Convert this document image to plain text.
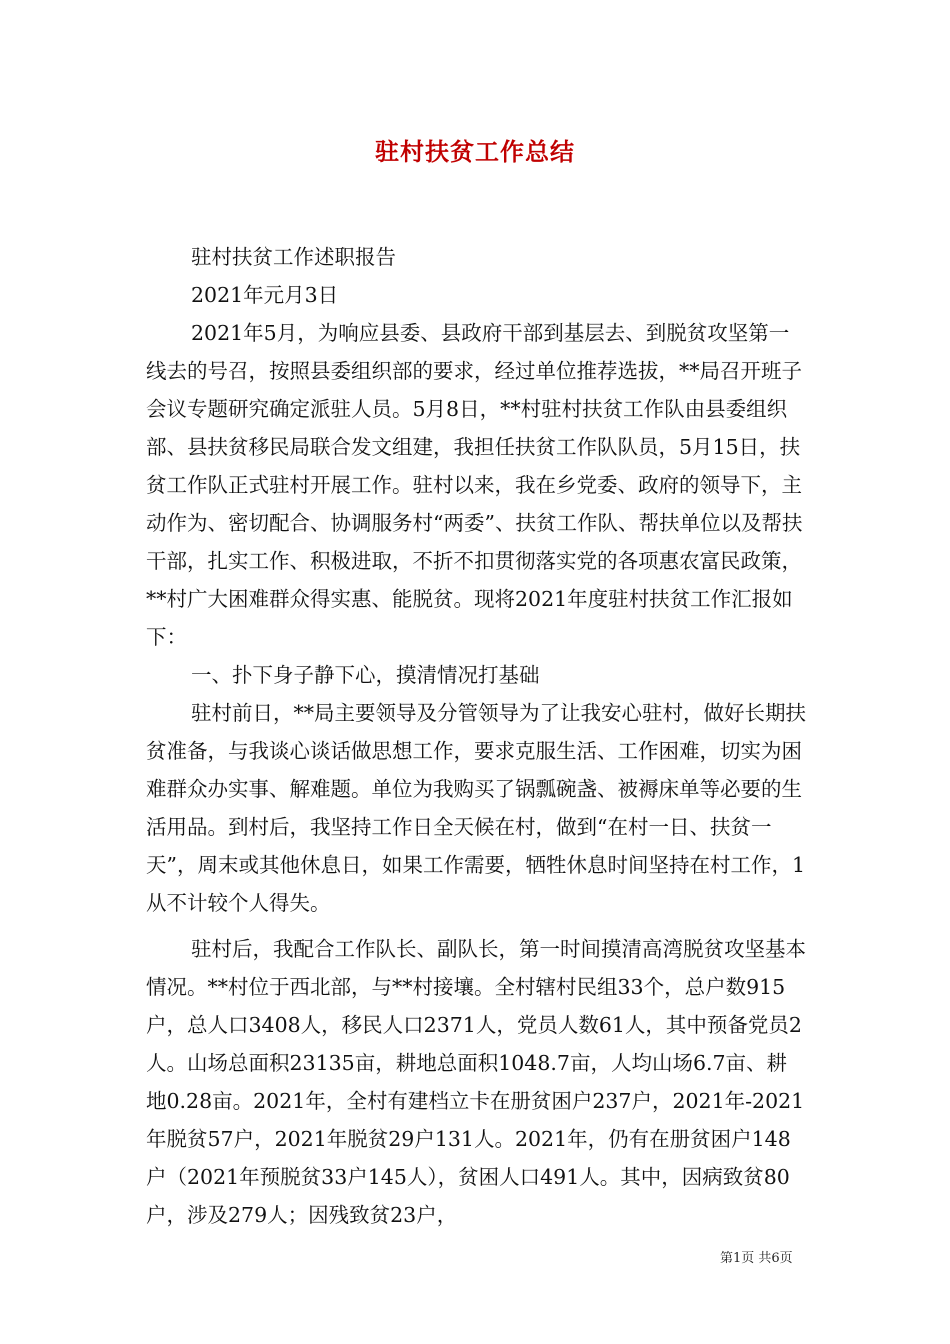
驻村扶贫工作总结

驻村扶贫工作述职报告

2021年元月3日

2021年5月，为响应县委、县政府干部到基层去、到脱贫攻坚第一线去的号召，按照县委组织部的要求，经过单位推荐选拔，**局召开班子会议专题研究确定派驻人员。5月8日，**村驻村扶贫工作队由县委组织部、县扶贫移民局联合发文组建，我担任扶贫工作队队员，5月15日，扶贫工作队正式驻村开展工作。驻村以来，我在乡党委、政府的领导下，主动作为、密切配合、协调服务村“两委”、扶贫工作队、帮扶单位以及帮扶干部，扎实工作、积极进取，不折不扣贯彻落实党的各项惠农富民政策，**村广大困难群众得实惠、能脱贫。现将2021年度驻村扶贫工作汇报如下：

一、扑下身子静下心，摸清情况打基础

驻村前日，**局主要领导及分管领导为了让我安心驻村，做好长期扶贫准备，与我谈心谈话做思想工作，要求克服生活、工作困难，切实为困难群众办实事、解难题。单位为我购买了锅瓢碗盏、被褥床单等必要的生活用品。到村后，我坚持工作日全天候在村，做到“在村一日、扶贫一天”，周末或其他休息日，如果工作需要，牺牲休息时间坚持在村工作，1从不计较个人得失。

驻村后，我配合工作队长、副队长，第一时间摸清高湾脱贫攻坚基本情况。**村位于西北部，与**村接壤。全村辖村民组33个，总户数915户，总人口3408人，移民人口2371人，党员人数61人，其中预备党员2人。山场总面积23135亩，耕地总面积1048.7亩，人均山场6.7亩、耕地0.28亩。2021年，全村有建档立卡在册贫困户237户，2021年-2021年脱贫57户，2021年脱贫29户131人。2021年，仍有在册贫困户148户（2021年预脱贫33户145人），贫困人口491人。其中，因病致贫80户，涉及279人；因残致贫23户，

第1页 共6页
